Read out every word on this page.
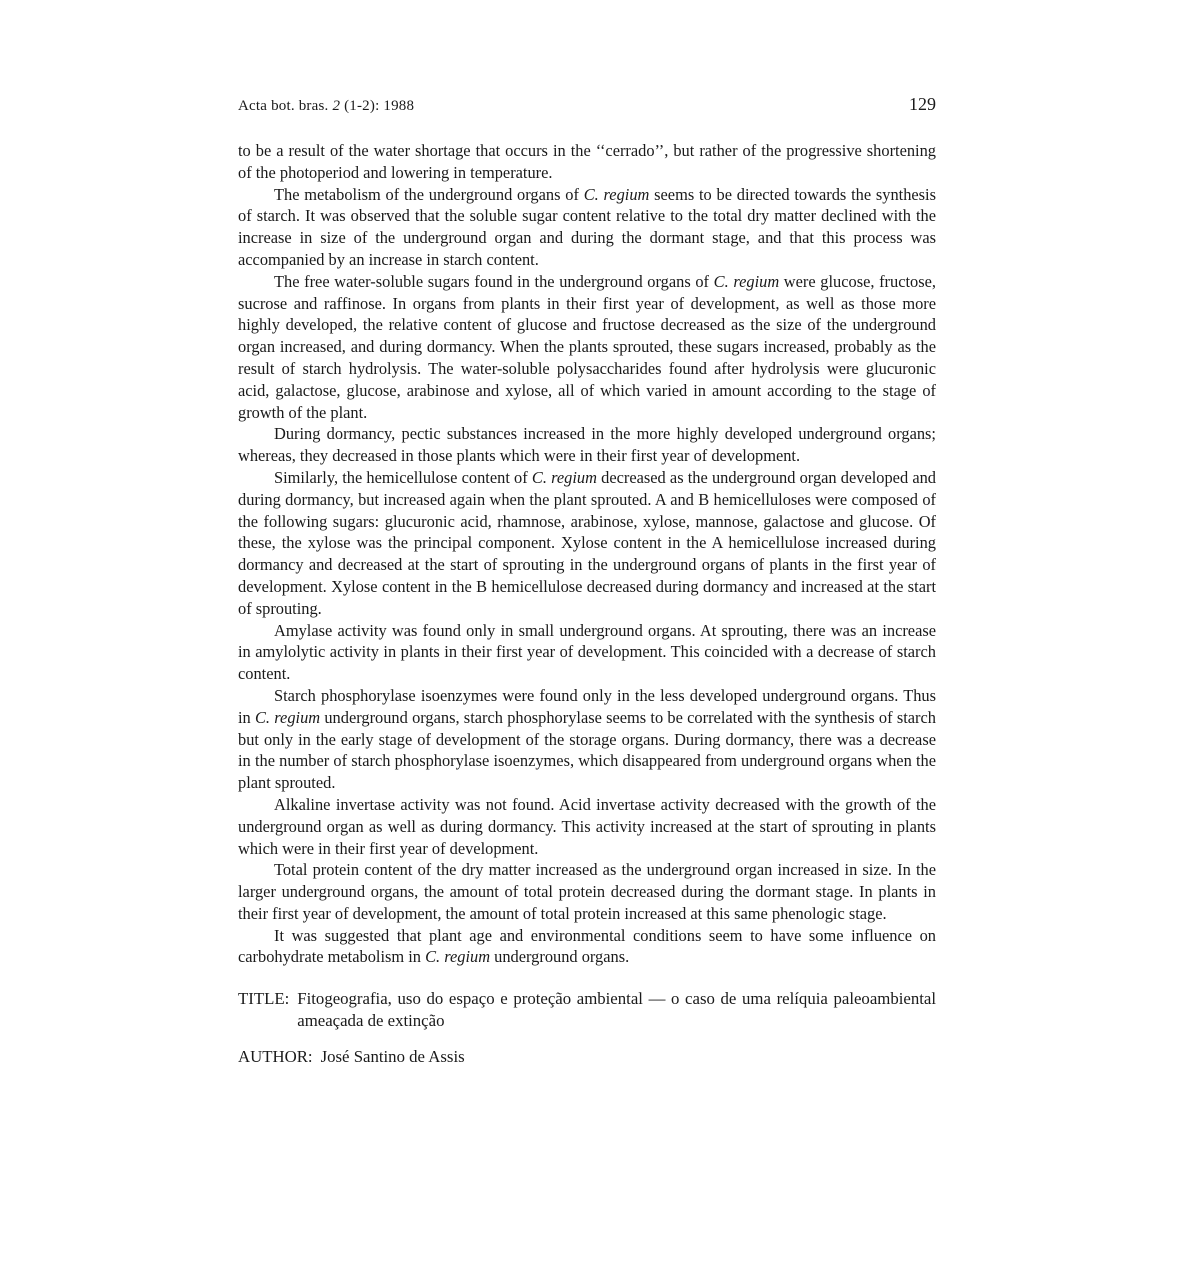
Acta bot. bras. 2 (1-2): 1988	129

to be a result of the water shortage that occurs in the ‘‘cerrado’’, but rather of the progressive shortening of the photoperiod and lowering in temperature.

The metabolism of the underground organs of C. regium seems to be directed towards the synthesis of starch. It was observed that the soluble sugar content relative to the total dry matter declined with the increase in size of the underground organ and during the dormant stage, and that this process was accompanied by an increase in starch content.

The free water-soluble sugars found in the underground organs of C. regium were glucose, fructose, sucrose and raffinose. In organs from plants in their first year of development, as well as those more highly developed, the relative content of glucose and fructose decreased as the size of the underground organ increased, and during dormancy. When the plants sprouted, these sugars increased, probably as the result of starch hydrolysis. The water-soluble polysaccharides found after hydrolysis were glucuronic acid, galactose, glucose, arabinose and xylose, all of which varied in amount according to the stage of growth of the plant.

During dormancy, pectic substances increased in the more highly developed underground organs; whereas, they decreased in those plants which were in their first year of development.

Similarly, the hemicellulose content of C. regium decreased as the underground organ developed and during dormancy, but increased again when the plant sprouted. A and B hemicelluloses were composed of the following sugars: glucuronic acid, rhamnose, arabinose, xylose, mannose, galactose and glucose. Of these, the xylose was the principal component. Xylose content in the A hemicellulose increased during dormancy and decreased at the start of sprouting in the underground organs of plants in the first year of development. Xylose content in the B hemicellulose decreased during dormancy and increased at the start of sprouting.

Amylase activity was found only in small underground organs. At sprouting, there was an increase in amylolytic activity in plants in their first year of development. This coincided with a decrease of starch content.

Starch phosphorylase isoenzymes were found only in the less developed underground organs. Thus in C. regium underground organs, starch phosphorylase seems to be correlated with the synthesis of starch but only in the early stage of development of the storage organs. During dormancy, there was a decrease in the number of starch phosphorylase isoenzymes, which disappeared from underground organs when the plant sprouted.

Alkaline invertase activity was not found. Acid invertase activity decreased with the growth of the underground organ as well as during dormancy. This activity increased at the start of sprouting in plants which were in their first year of development.

Total protein content of the dry matter increased as the underground organ increased in size. In the larger underground organs, the amount of total protein decreased during the dormant stage. In plants in their first year of development, the amount of total protein increased at this same phenologic stage.

It was suggested that plant age and environmental conditions seem to have some influence on carbohydrate metabolism in C. regium underground organs.

TITLE: Fitogeografia, uso do espaço e proteção ambiental — o caso de uma relíquia paleoambiental ameaçada de extinção
AUTHOR: José Santino de Assis
